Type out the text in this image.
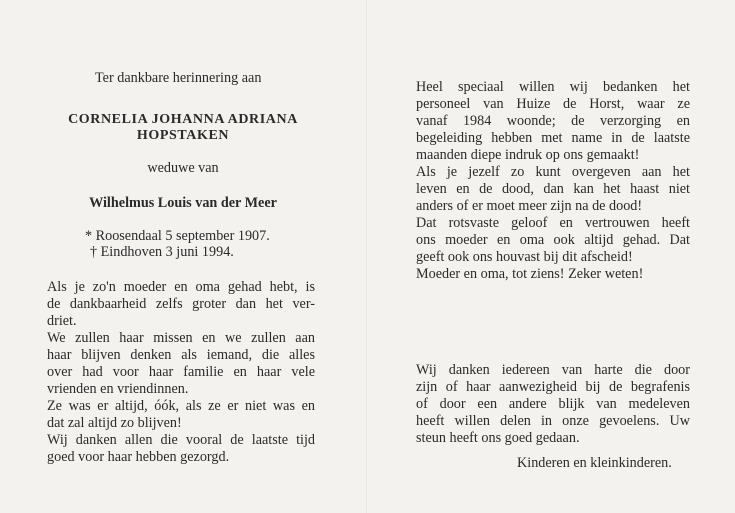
Ter dankbare herinnering aan
CORNELIA JOHANNA ADRIANA
HOPSTAKEN
weduwe van
Wilhelmus Louis van der Meer
* Roosendaal 5 september 1907.
† Eindhoven 3 juni 1994.
Als je zo'n moeder en oma gehad hebt, is
de dankbaarheid zelfs groter dan het ver-
driet.
We zullen haar missen en we zullen aan
haar blijven denken als iemand, die alles
over had voor haar familie en haar vele
vrienden en vriendinnen.
Ze was er altijd, óók, als ze er niet was en
dat zal altijd zo blijven!
Wij danken allen die vooral de laatste tijd
goed voor haar hebben gezorgd.
Heel speciaal willen wij bedanken het
personeel van Huize de Horst, waar ze
vanaf 1984 woonde; de verzorging en
begeleiding hebben met name in de laatste
maanden diepe indruk op ons gemaakt!
Als je jezelf zo kunt overgeven aan het
leven en de dood, dan kan het haast niet
anders of er moet meer zijn na de dood!
Dat rotsvaste geloof en vertrouwen heeft
ons moeder en oma ook altijd gehad. Dat
geeft ook ons houvast bij dit afscheid!
Moeder en oma, tot ziens! Zeker weten!
Wij danken iedereen van harte die door
zijn of haar aanwezigheid bij de begrafenis
of door een andere blijk van medeleven
heeft willen delen in onze gevoelens. Uw
steun heeft ons goed gedaan.
Kinderen en kleinkinderen.
